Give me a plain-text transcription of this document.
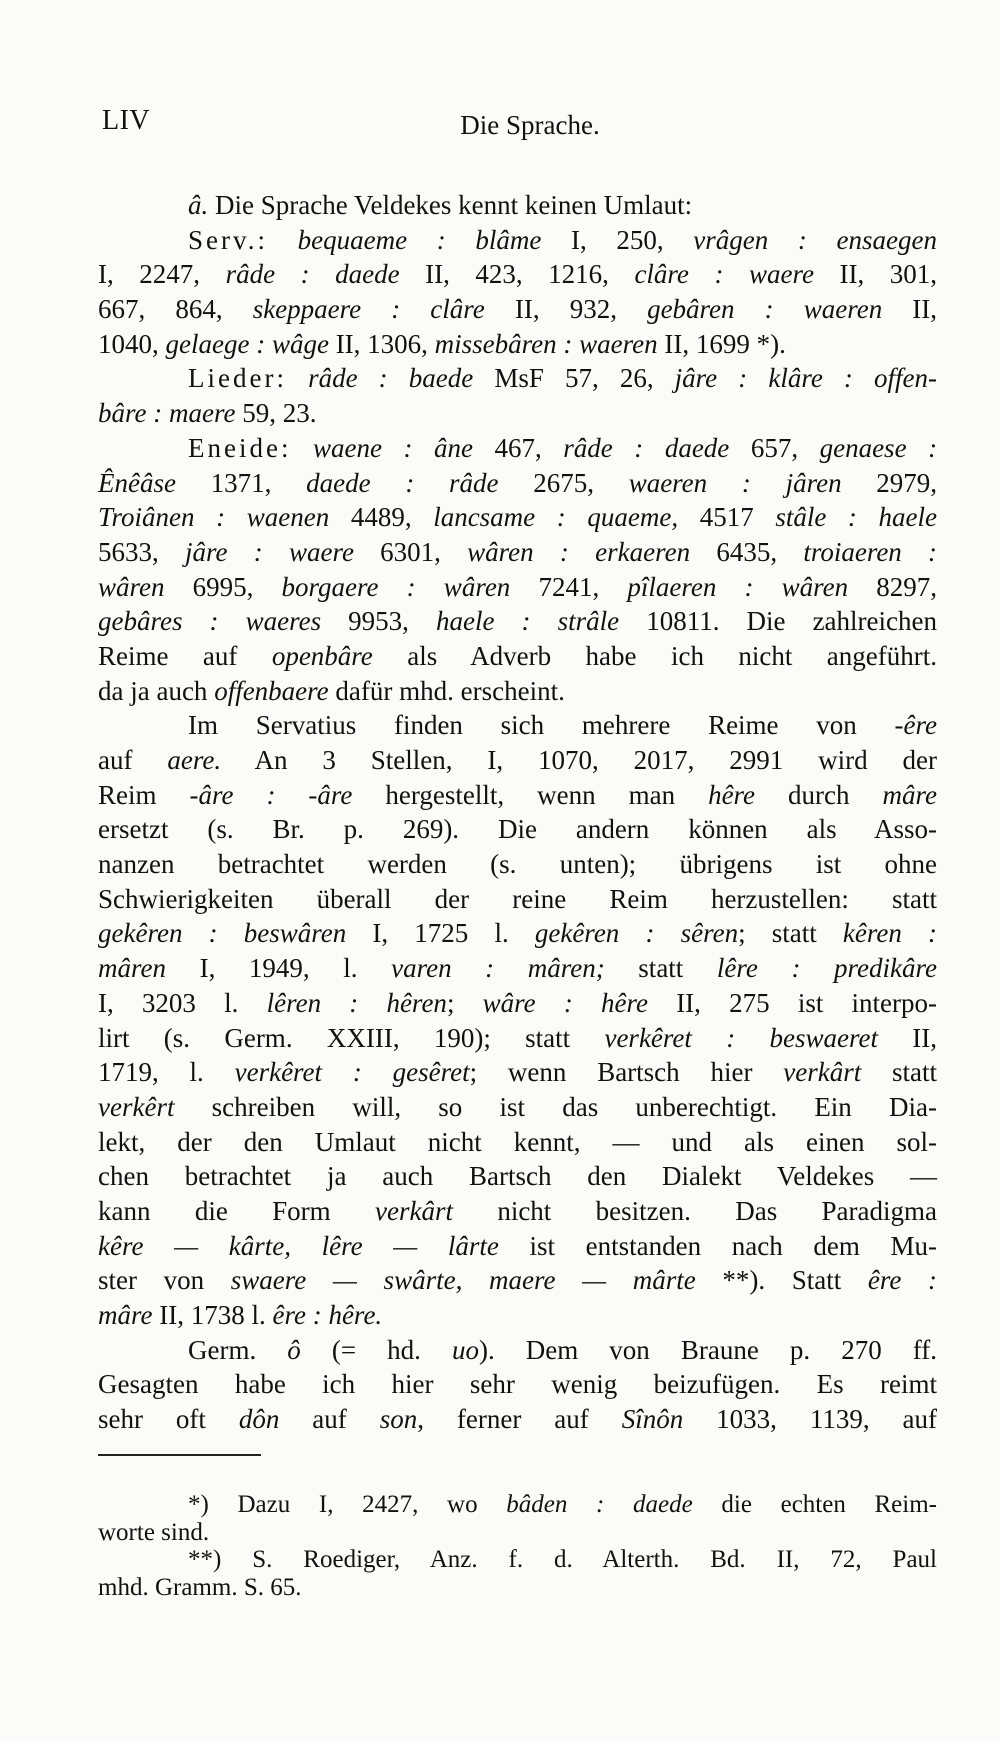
LIV	Die Sprache.
â. Die Sprache Veldekes kennt keinen Umlaut:
Serv.: bequaeme : blâme I, 250, vrâgen : ensaegen
I, 2247, râde : daede II, 423, 1216, clâre : waere II, 301,
667, 864, skeppaere : clâre II, 932, gebâren : waeren II,
1040, gelaege : wâge II, 1306, missebâren : waeren II, 1699 *).
Lieder: râde : baede MsF 57, 26, jâre : klâre : offen-
bâre : maere 59, 23.
Eneide: waene : âne 467, râde : daede 657, genaese :
Ênêâse 1371, daede : râde 2675, waeren : jâren 2979,
Troiânen : waenen 4489, lancsame : quaeme, 4517 stâle : haele
5633, jâre : waere 6301, wâren : erkaeren 6435, troiaeren :
wâren 6995, borgaere : wâren 7241, pîlaeren : wâren 8297,
gebâres : waeres 9953, haele : strâle 10811. Die zahlreichen
Reime auf openbâre als Adverb habe ich nicht angeführt.
da ja auch offenbaere dafür mhd. erscheint.
Im Servatius finden sich mehrere Reime von -êre
auf aere. An 3 Stellen, I, 1070, 2017, 2991 wird der
Reim -âre : -âre hergestellt, wenn man hêre durch mâre
ersetzt (s. Br. p. 269). Die andern können als Asso-
nanzen betrachtet werden (s. unten); übrigens ist ohne
Schwierigkeiten überall der reine Reim herzustellen: statt
gekêren : beswâren I, 1725 l. gekêren : sêren; statt kêren :
mâren I, 1949, l. varen : mâren; statt lêre : predikâre
I, 3203 l. lêren : hêren; wâre : hêre II, 275 ist interpo-
lirt (s. Germ. XXIII, 190); statt verkêret : beswaeret II,
1719, l. verkêret : gesêret; wenn Bartsch hier verkârt statt
verkêrt schreiben will, so ist das unberechtigt. Ein Dia-
lekt, der den Umlaut nicht kennt, — und als einen sol-
chen betrachtet ja auch Bartsch den Dialekt Veldekes —
kann die Form verkârt nicht besitzen. Das Paradigma
kêre — kârte, lêre — lârte ist entstanden nach dem Mu-
ster von swaere — swârte, maere — mârte **). Statt êre :
mâre II, 1738 l. êre : hêre.
Germ. ô (= hd. uo). Dem von Braune p. 270 ff.
Gesagten habe ich hier sehr wenig beizufügen. Es reimt
sehr oft dôn auf son, ferner auf Sînôn 1033, 1139, auf
*) Dazu I, 2427, wo bâden : daede die echten Reim-
worte sind.
**) S. Roediger, Anz. f. d. Alterth. Bd. II, 72, Paul
mhd. Gramm. S. 65.
